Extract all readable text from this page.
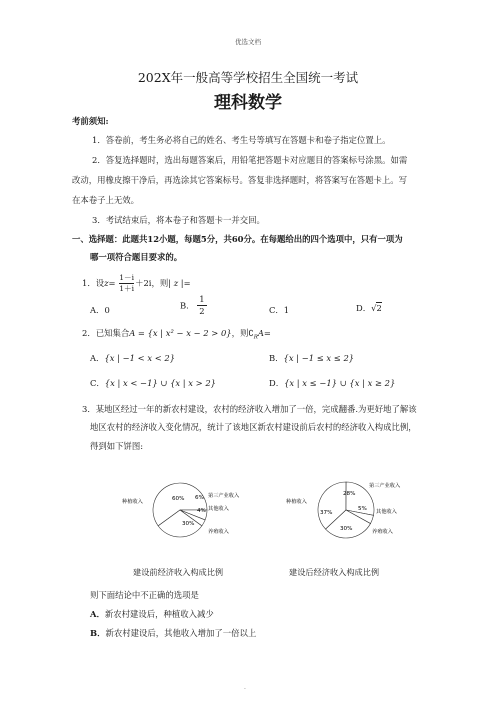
优选文档
202X年一般高等学校招生全国统一考试
理科数学
考前须知:
1．答卷前，考生务必将自己的姓名、考生号等填写在答题卡和卷子指定位置上。
2．答复选择题时，选出每题答案后，用铅笔把答题卡对应题目的答案标号涂黑。如需
改动，用橡皮擦干净后，再选涂其它答案标号。答复非选择题时，将答案写在答题卡上。写
在本卷子上无效。
3．考试结束后，将本卷子和答题卡一并交回。
一、选择题：此题共12小题，每题5分，共60分。在每题给出的四个选项中，只有一项为
哪一项符合题目要求的。
1．设$z= \frac{1-i}{1+i} +2i$，则| z |=
A．0	B． $\frac{1}{2}$	C．1	D．√2
2．已知集合A = {x | x² − x − 2 > 0}，则$∁_RA=$
A．{x | −1 < x < 2}	B．{x | −1 ≤ x ≤ 2}
C．{x | x < −1} ∪ {x | x > 2}	D．{x | x ≤ −1} ∪ {x | x ≥ 2}
3．某地区经过一年的新农村建设，农村的经济收入增加了一倍，完成翻番.为更好地了解该
地区农村的经济收入变化情况，统计了该地区新农村建设前后农村的经济收入构成比例，
得到如下饼图:
种植收入
第三产业收入
其他收入
养殖收入
60% 6%
4%
30%
种植收入
第三产业收入
其他收入
养殖收入
37%
28%
5%
30%
建设前经济收入构成比例	建设后经济收入构成比例
则下面结论中不正确的选项是
A．新农村建设后，种植收入减少
B．新农村建设后，其他收入增加了一倍以上
.
